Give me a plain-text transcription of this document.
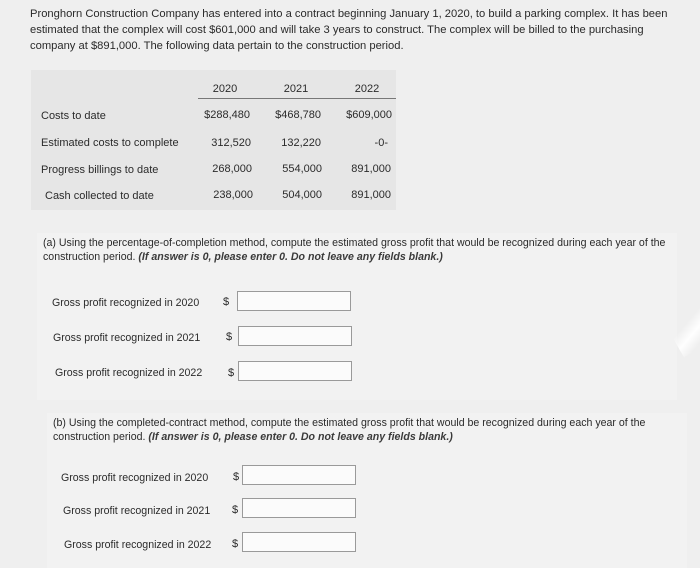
Pronghorn Construction Company has entered into a contract beginning January 1, 2020, to build a parking complex. It has been estimated that the complex will cost $601,000 and will take 3 years to construct. The complex will be billed to the purchasing company at $891,000. The following data pertain to the construction period.
2020	2021	2022
Costs to date	$288,480	$468,780	$609,000
Estimated costs to complete	312,520	132,220	-0-
Progress billings to date	268,000	554,000	891,000
Cash collected to date	238,000	504,000	891,000
(a) Using the percentage-of-completion method, compute the estimated gross profit that would be recognized during each year of the construction period. (If answer is 0, please enter 0. Do not leave any fields blank.)
Gross profit recognized in 2020 $
Gross profit recognized in 2021 $
Gross profit recognized in 2022 $
(b) Using the completed-contract method, compute the estimated gross profit that would be recognized during each year of the construction period. (If answer is 0, please enter 0. Do not leave any fields blank.)
Gross profit recognized in 2020 $
Gross profit recognized in 2021 $
Gross profit recognized in 2022 $
